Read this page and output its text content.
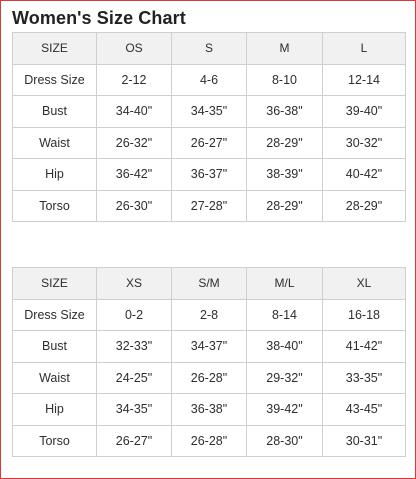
Women's Size Chart
SIZE	OS	S	M	L
Dress Size	2-12	4-6	8-10	12-14
Bust	34-40"	34-35"	36-38"	39-40"
Waist	26-32"	26-27"	28-29"	30-32"
Hip	36-42"	36-37"	38-39"	40-42"
Torso	26-30"	27-28"	28-29"	28-29"
SIZE	XS	S/M	M/L	XL
Dress Size	0-2	2-8	8-14	16-18
Bust	32-33"	34-37"	38-40"	41-42"
Waist	24-25"	26-28"	29-32"	33-35"
Hip	34-35"	36-38"	39-42"	43-45"
Torso	26-27"	26-28"	28-30"	30-31"
